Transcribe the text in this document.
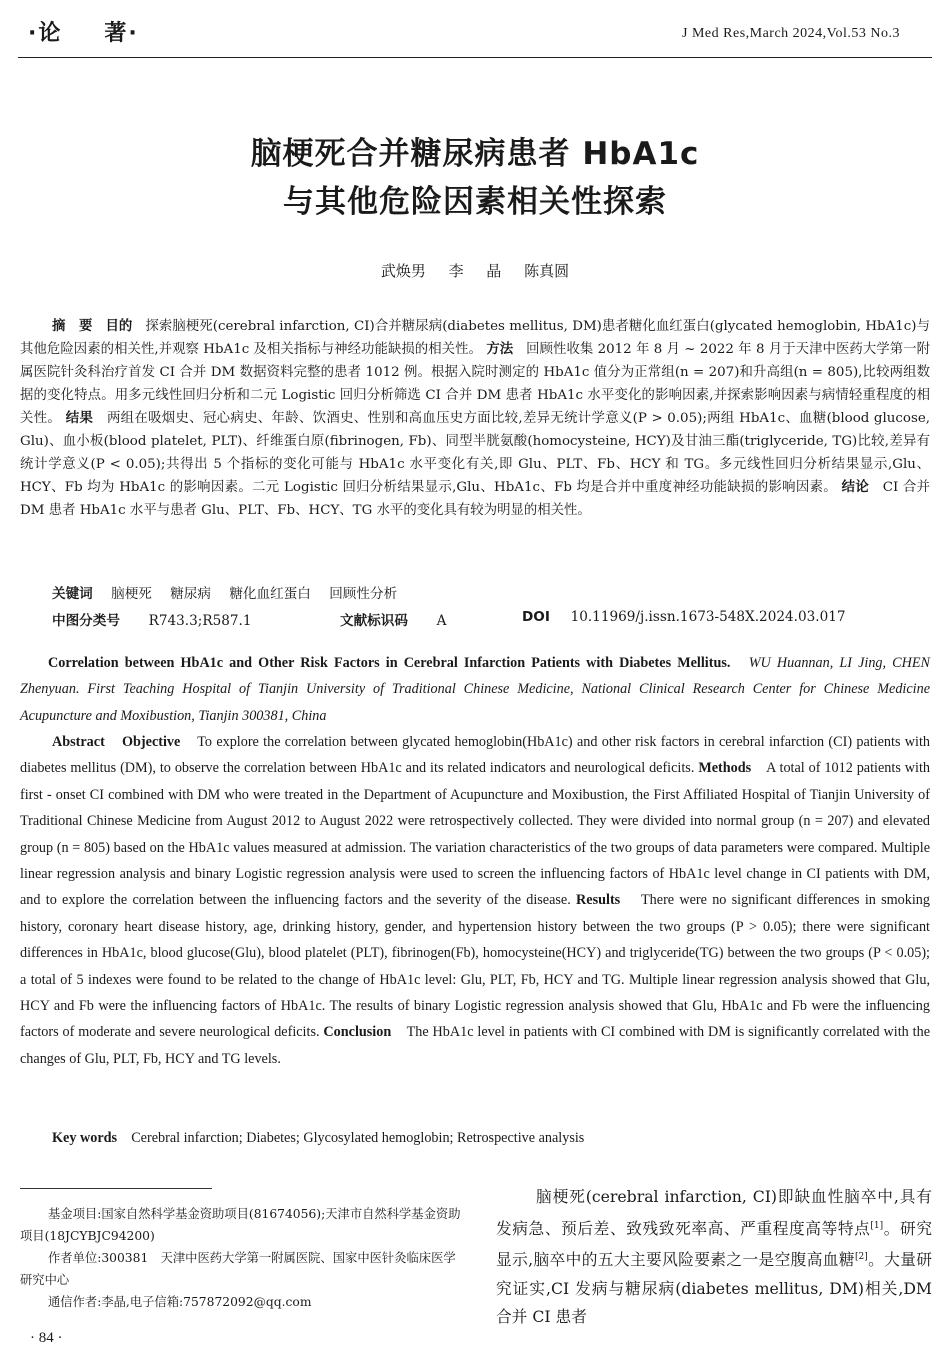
·论 著·	J Med Res,March 2024,Vol.53 No.3
脑梗死合并糖尿病患者 HbA1c
与其他危险因素相关性探索
武焕男 李 晶 陈真圆
摘　要 目的 探索脑梗死(cerebral infarction, CI)合并糖尿病(diabetes mellitus, DM)患者糖化血红蛋白(glycated hemoglobin, HbA1c)与其他危险因素的相关性,并观察 HbA1c 及相关指标与神经功能缺损的相关性。 方法 回顾性收集 2012 年 8 月 ~ 2022 年 8 月于天津中医药大学第一附属医院针灸科治疗首发 CI 合并 DM 数据资料完整的患者 1012 例。根据入院时测定的 HbA1c 值分为正常组(n = 207)和升高组(n = 805),比较两组数据的变化特点。用多元线性回归分析和二元 Logistic 回归分析筛选 CI 合并 DM 患者 HbA1c 水平变化的影响因素,并探索影响因素与病情轻重程度的相关性。 结果 两组在吸烟史、冠心病史、年龄、饮酒史、性别和高血压史方面比较,差异无统计学意义(P > 0.05);两组 HbA1c、血糖(blood glucose, Glu)、血小板(blood platelet, PLT)、纤维蛋白原(fibrinogen, Fb)、同型半胱氨酸(homocysteine, HCY)及甘油三酯(triglyceride, TG)比较,差异有统计学意义(P < 0.05);共得出 5 个指标的变化可能与 HbA1c 水平变化有关,即 Glu、PLT、Fb、HCY 和 TG。多元线性回归分析结果显示,Glu、HCY、Fb 均为 HbA1c 的影响因素。二元 Logistic 回归分析结果显示,Glu、HbA1c、Fb 均是合并中重度神经功能缺损的影响因素。 结论 CI 合并 DM 患者 HbA1c 水平与患者 Glu、PLT、Fb、HCY、TG 水平的变化具有较为明显的相关性。
关键词 脑梗死 糖尿病 糖化血红蛋白 回顾性分析
中图分类号 R743.3;R587.1	文献标识码 A	DOI 10.11969/j.issn.1673-548X.2024.03.017
Correlation between HbA1c and Other Risk Factors in Cerebral Infarction Patients with Diabetes Mellitus. WU Huannan, LI Jing, CHEN Zhenyuan. First Teaching Hospital of Tianjin University of Traditional Chinese Medicine, National Clinical Research Center for Chinese Medicine Acupuncture and Moxibustion, Tianjin 300381, China
Abstract Objective To explore the correlation between glycated hemoglobin(HbA1c) and other risk factors in cerebral infarction (CI) patients with diabetes mellitus (DM), to observe the correlation between HbA1c and its related indicators and neurological deficits. Methods A total of 1012 patients with first - onset CI combined with DM who were treated in the Department of Acupuncture and Moxibustion, the First Affiliated Hospital of Tianjin University of Traditional Chinese Medicine from August 2012 to August 2022 were retrospectively collected. They were divided into normal group (n = 207) and elevated group (n = 805) based on the HbA1c values measured at admission. The variation characteristics of the two groups of data parameters were compared. Multiple linear regression analysis and binary Logistic regression analysis were used to screen the influencing factors of HbA1c level change in CI patients with DM, and to explore the correlation between the influencing factors and the severity of the disease. Results There were no significant differences in smoking history, coronary heart disease history, age, drinking history, gender, and hypertension history between the two groups (P > 0.05); there were significant differences in HbA1c, blood glucose(Glu), blood platelet (PLT), fibrinogen(Fb), homocysteine(HCY) and triglyceride(TG) between the two groups (P < 0.05); a total of 5 indexes were found to be related to the change of HbA1c level: Glu, PLT, Fb, HCY and TG. Multiple linear regression analysis showed that Glu, HCY and Fb were the influencing factors of HbA1c. The results of binary Logistic regression analysis showed that Glu, HbA1c and Fb were the influencing factors of moderate and severe neurological deficits. Conclusion The HbA1c level in patients with CI combined with DM is significantly correlated with the changes of Glu, PLT, Fb, HCY and TG levels.
Key words Cerebral infarction; Diabetes; Glycosylated hemoglobin; Retrospective analysis

基金项目:国家自然科学基金资助项目(81674056);天津市自然科学基金资助项目(18JCYBJC94200)

作者单位:300381　天津中医药大学第一附属医院、国家中医针灸临床医学研究中心

通信作者:李晶,电子信箱:757872092@qq.com

脑梗死(cerebral infarction, CI)即缺血性脑卒中,具有发病急、预后差、致残致死率高、严重程度高等特点[1]。研究显示,脑卒中的五大主要风险要素之一是空腹高血糖[2]。大量研究证实,CI 发病与糖尿病(diabetes mellitus, DM)相关,DM 合并 CI 患者
· 84 ·
